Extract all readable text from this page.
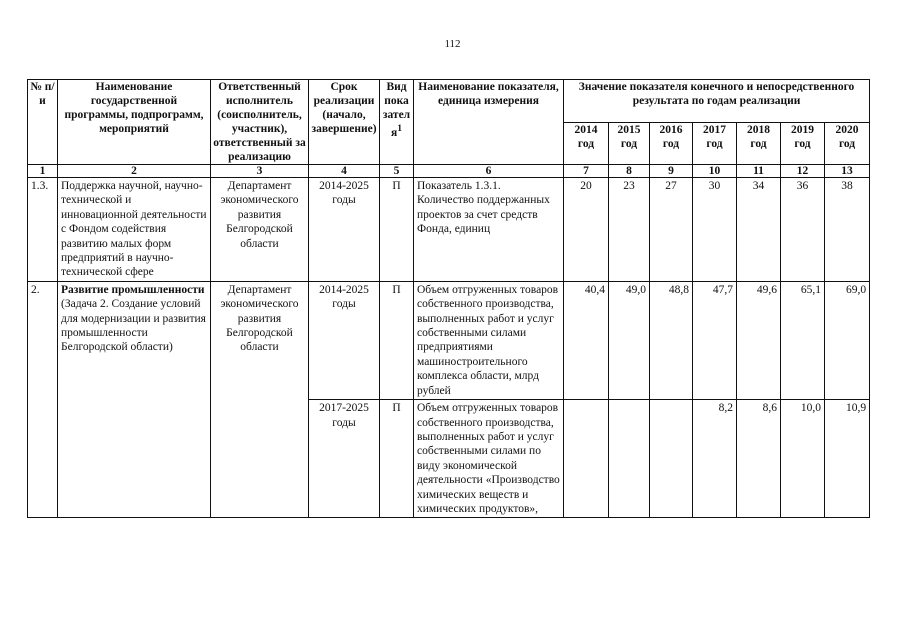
112
№ п/и	Наименование государственной программы, подпрограмм, мероприятий	Ответственный исполнитель (соисполнитель, участник), ответственный за реализацию	Срок реализации (начало, завершение)	Вид показателя$^1$	Наименование показателя, единица измерения	Значение показателя конечного и непосредственного результата по годам реализации						
						2014 год	2015 год	2016 год	2017 год	2018 год	2019 год	2020 год
1	2	3	4	5	6	7	8	9	10	11	12	13
1.3.	Поддержка научной, научно-технической и инновационной деятельности с Фондом содействия развитию малых форм предприятий в научно-технической сфере	Департамент экономического развития Белгородской области	2014-2025 годы	П	Показатель 1.3.1. Количество поддержанных проектов за счет средств Фонда, единиц	20	23	27	30	34	36	38
2.	Развитие промышленности (Задача 2. Создание условий для модернизации и развития промышленности Белгородской области)	Департамент экономического развития Белгородской области	2014-2025 годы	П	Объем отгруженных товаров собственного производства, выполненных работ и услуг собственными силами предприятиями машиностроительного комплекса области, млрд рублей	40,4	49,0	48,8	47,7	49,6	65,1	69,0
			2017-2025 годы	П	Объем отгруженных товаров собственного производства, выполненных работ и услуг собственными силами по виду экономической деятельности «Производство химических веществ и химических продуктов»,				8,2	8,6	10,0	10,9
